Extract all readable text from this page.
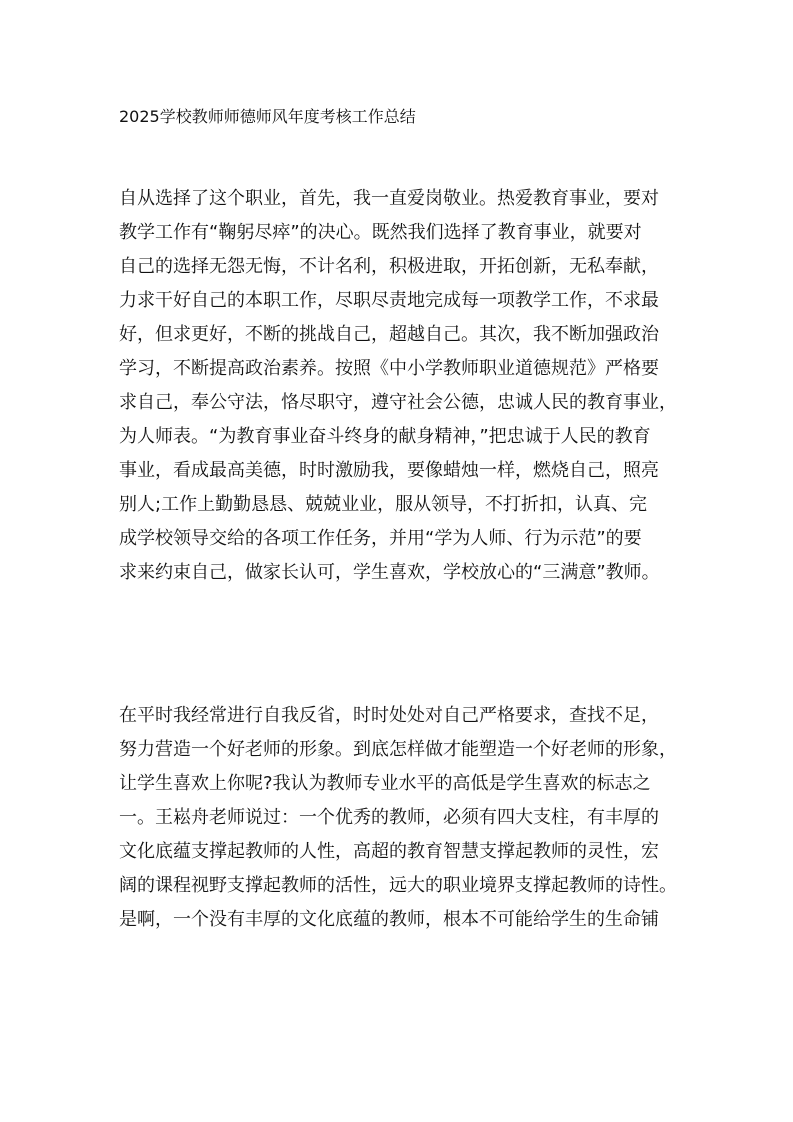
2025学校教师师德师风年度考核工作总结
自从选择了这个职业，首先，我一直爱岗敬业。热爱教育事业，要对
教学工作有“鞠躬尽瘁”的决心。既然我们选择了教育事业，就要对
自己的选择无怨无悔，不计名利，积极进取，开拓创新，无私奉献，
力求干好自己的本职工作，尽职尽责地完成每一项教学工作，不求最
好，但求更好，不断的挑战自己，超越自己。其次，我不断加强政治
学习，不断提高政治素养。按照《中小学教师职业道德规范》严格要
求自己，奉公守法，恪尽职守，遵守社会公德，忠诚人民的教育事业，
为人师表。“为教育事业奋斗终身的献身精神，”把忠诚于人民的教育
事业，看成最高美德，时时激励我，要像蜡烛一样，燃烧自己，照亮
别人;工作上勤勤恳恳、兢兢业业，服从领导，不打折扣，认真、完
成学校领导交给的各项工作任务，并用“学为人师、行为示范”的要
求来约束自己，做家长认可，学生喜欢，学校放心的“三满意”教师。
在平时我经常进行自我反省，时时处处对自己严格要求，查找不足，
努力营造一个好老师的形象。到底怎样做才能塑造一个好老师的形象，
让学生喜欢上你呢?我认为教师专业水平的高低是学生喜欢的标志之
一。王崧舟老师说过：一个优秀的教师，必须有四大支柱，有丰厚的
文化底蕴支撑起教师的人性，高超的教育智慧支撑起教师的灵性，宏
阔的课程视野支撑起教师的活性，远大的职业境界支撑起教师的诗性。
是啊，一个没有丰厚的文化底蕴的教师，根本不可能给学生的生命铺
